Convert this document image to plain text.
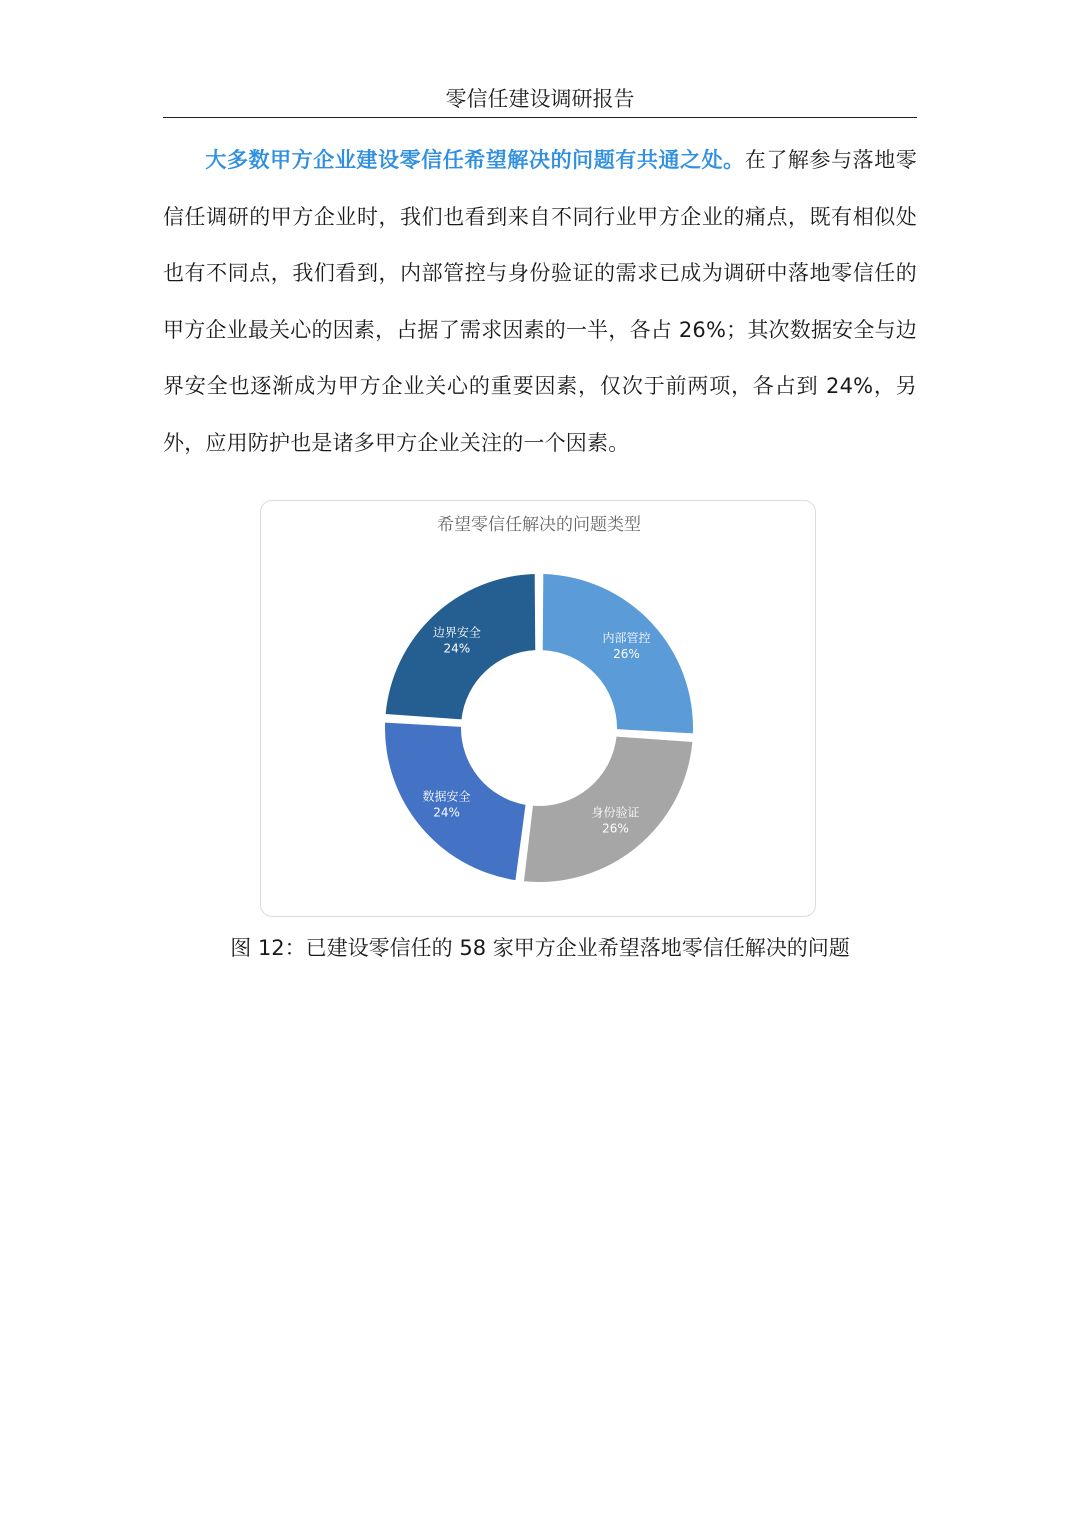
零信任建设调研报告
大多数甲方企业建设零信任希望解决的问题有共通之处。在了解参与落地零信任调研的甲方企业时，我们也看到来自不同行业甲方企业的痛点，既有相似处也有不同点，我们看到，内部管控与身份验证的需求已成为调研中落地零信任的甲方企业最关心的因素，占据了需求因素的一半，各占 26%；其次数据安全与边界安全也逐渐成为甲方企业关心的重要因素，仅次于前两项，各占到 24%，另外，应用防护也是诸多甲方企业关注的一个因素。
希望零信任解决的问题类型
内部管控
26%
身份验证
26%
数据安全
24%
边界安全
24%
图 12：已建设零信任的 58 家甲方企业希望落地零信任解决的问题
